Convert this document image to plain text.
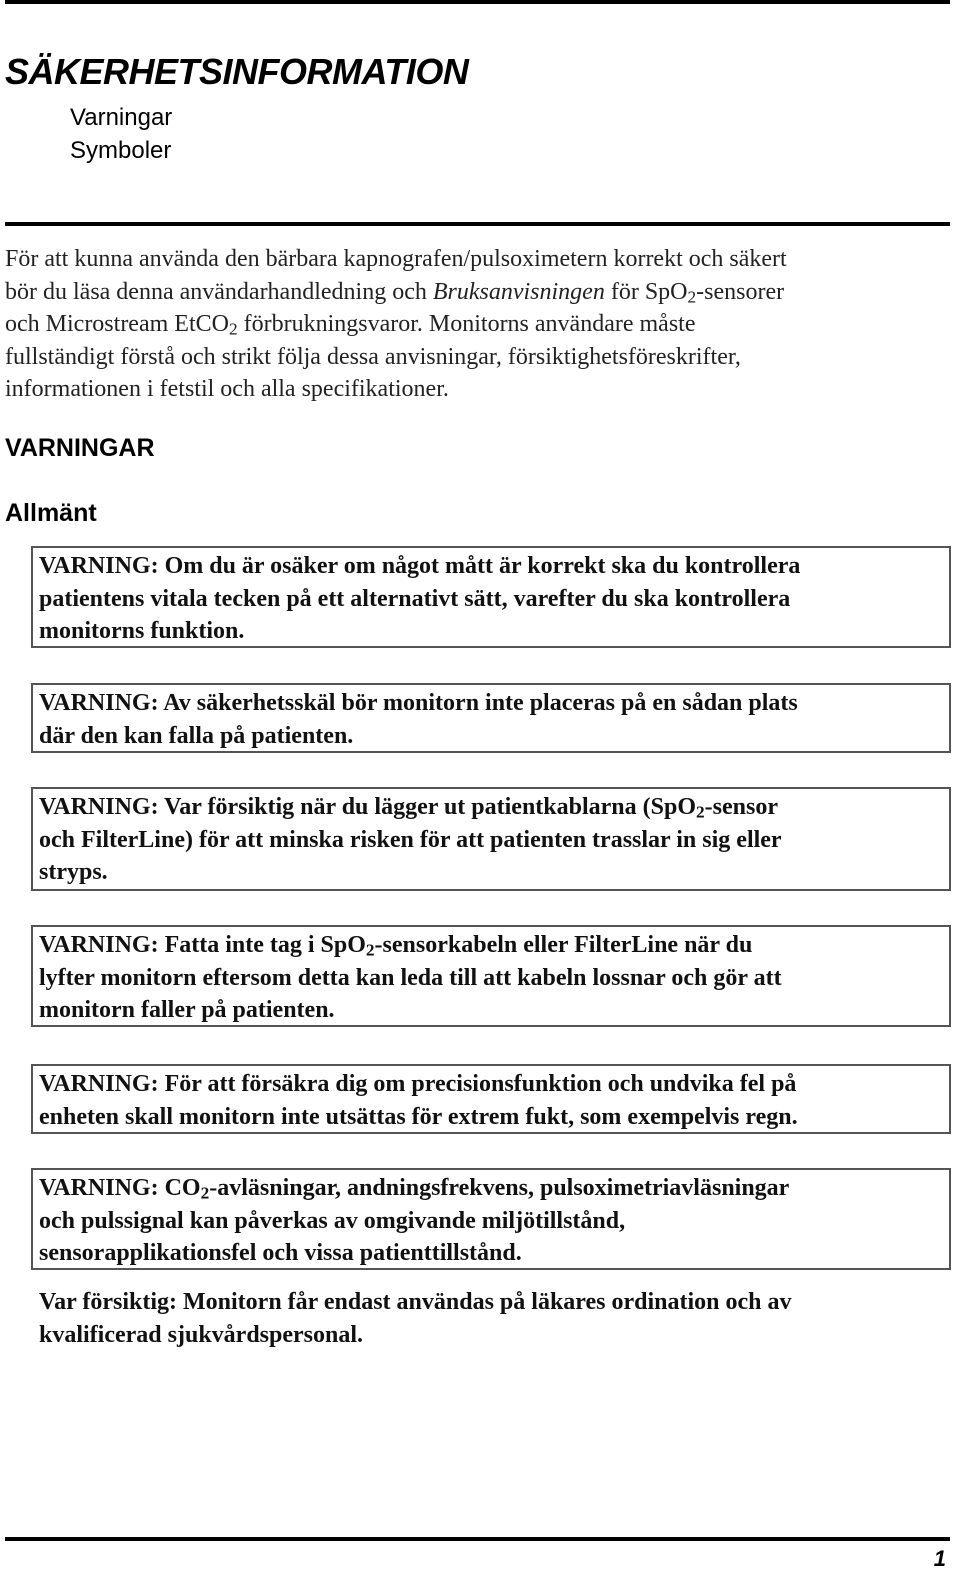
SÄKERHETSINFORMATION
Varningar
Symboler

För att kunna använda den bärbara kapnografen/pulsoximetern korrekt och säkert
bör du läsa denna användarhandledning och Bruksanvisningen för SpO$_2$-sensorer
och Microstream EtCO$_2$ förbrukningsvaror. Monitorns användare måste
fullständigt förstå och strikt följa dessa anvisningar, försiktighetsföreskrifter,
informationen i fetstil och alla specifikationer.

VARNINGAR
Allmänt
VARNING: Om du är osäker om något mått är korrekt ska du kontrollera
patientens vitala tecken på ett alternativt sätt, varefter du ska kontrollera
monitorns funktion.
VARNING: Av säkerhetsskäl bör monitorn inte placeras på en sådan plats
där den kan falla på patienten.
VARNING: Var försiktig när du lägger ut patientkablarna (SpO$_2$-sensor
och FilterLine) för att minska risken för att patienten trasslar in sig eller
stryps.
VARNING: Fatta inte tag i SpO$_2$-sensorkabeln eller FilterLine när du
lyfter monitorn eftersom detta kan leda till att kabeln lossnar och gör att
monitorn faller på patienten.
VARNING: För att försäkra dig om precisionsfunktion och undvika fel på
enheten skall monitorn inte utsättas för extrem fukt, som exempelvis regn.
VARNING: $CO_2$-avläsningar, andningsfrekvens, pulsoximetriavläsningar
och pulssignal kan påverkas av omgivande miljötillstånd,
sensorapplikationsfel och vissa patienttillstånd.

Var försiktig: Monitorn får endast användas på läkares ordination och av
kvalificerad sjukvårdspersonal.

1
